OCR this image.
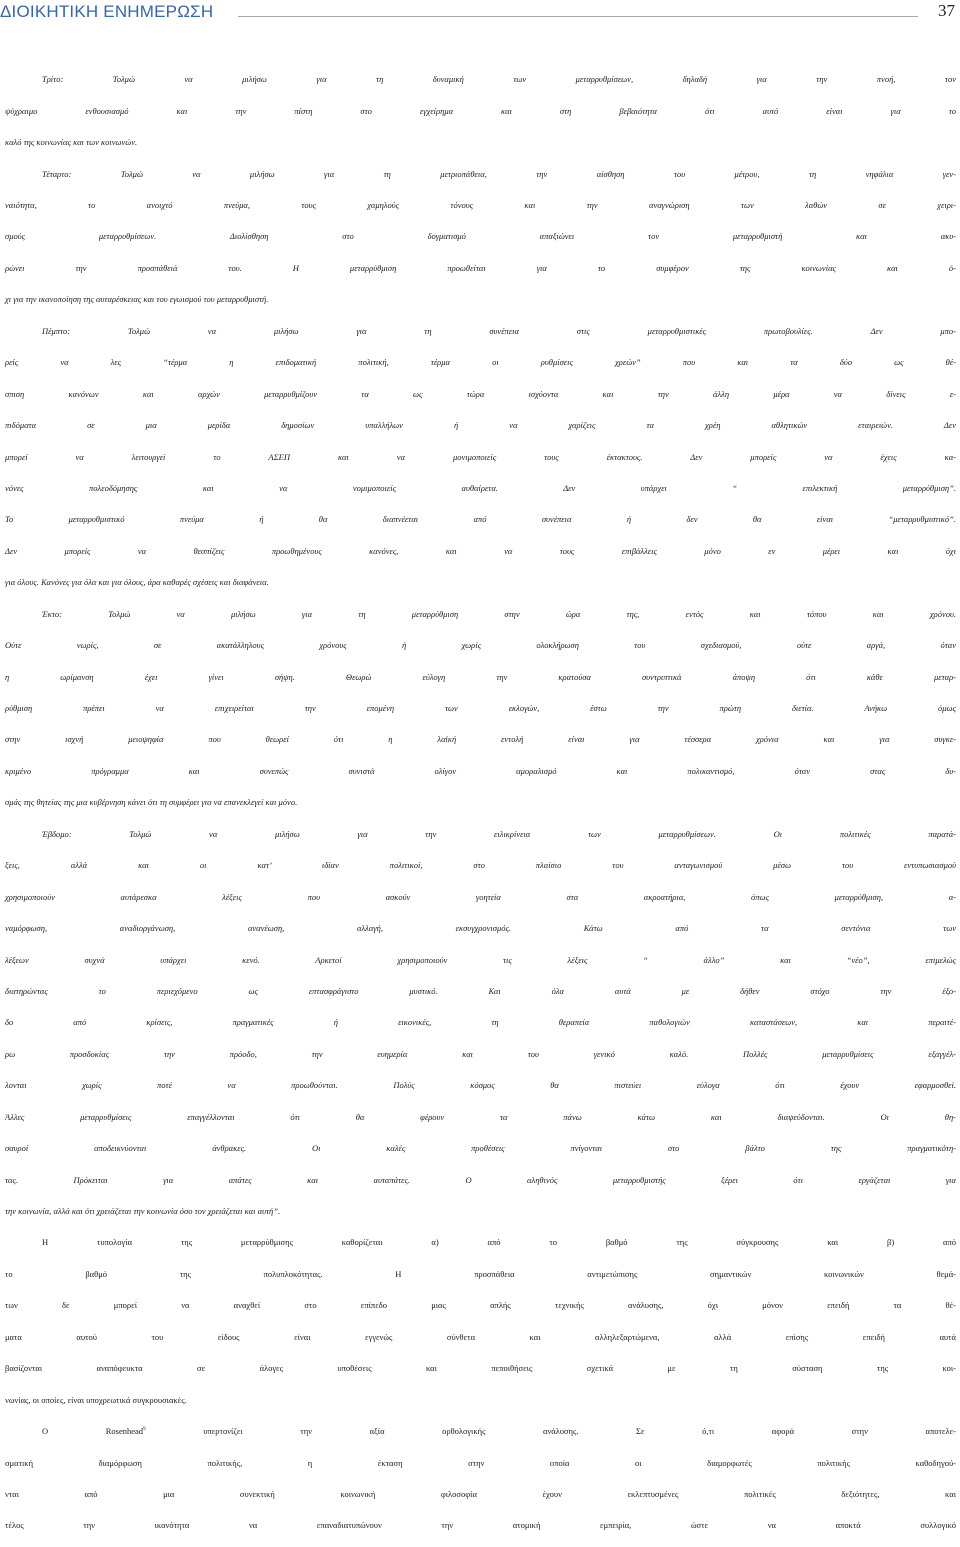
ΔΙΟΙΚΗΤΙΚΗ ΕΝΗΜΕΡΩΣΗ	37
Τρίτο: Τολμώ να μιλήσω για τη δυναμική των μεταρρυθμίσεων, δηλαδή για την πνοή, τον
ψύχραιμο ενθουσιασμό και την πίστη στο εγχείρημα και στη βεβαιότητα ότι αυτό είναι για το
καλό της κοινωνίας και των κοινωνών.
Τέταρτο: Τολμώ να μιλήσω για τη μετριοπάθεια, την αίσθηση του μέτρου, τη νηφάλια γεν-
ναιότητα, το ανοιχτό πνεύμα, τους χαμηλούς τόνους και την αναγνώριση των λαθών σε χειρι-
σμούς μεταρρυθμίσεων. Διολίσθηση στο δογματισμό απαξιώνει τον μεταρρυθμιστή και ακυ-
ρώνει την προσπάθειά του. Η μεταρρύθμιση προωθείται για το συμφέρον της κοινωνίας και ό-
χι για την ικανοποίηση της αυταρέσκειας και του εγωισμού του μεταρρυθμιστή.
Πέμπτο: Τολμώ να μιλήσω για τη συνέπεια στις μεταρρυθμιστικές πρωτοβουλίες. Δεν μπο-
ρείς να λες “τέρμα η επιδοματική πολιτική, τέρμα οι ρυθμίσεις χρεών” που και τα δύο ως θέ-
σπιση κανόνων και αρχών μεταρρυθμίζουν τα ως τώρα ισχύοντα και την άλλη μέρα να δίνεις ε-
πιδόματα σε μια μερίδα δημοσίων υπαλλήλων ή να χαρίζεις τα χρέη αθλητικών εταιρειών. Δεν
μπορεί να λειτουργεί το ΑΣΕΠ και να μονιμοποιείς τους έκτακτους. Δεν μπορείς να έχεις κα-
νόνες πολεοδόμησης και να νομιμοποιείς αυθαίρετα. Δεν υπάρχει “ επιλεκτική μεταρρύθμιση”.
Το μεταρρυθμιστικό πνεύμα ή θα διαπνέεται από συνέπεια ή δεν θα είναι “μεταρρυθμιστικό”.
Δεν μπορείς να θεσπίζεις προωθημένους κανόνες, και να τους επιβάλλεις μόνο εν μέρει και όχι
για όλους. Κανόνες για όλα και για όλους, άρα καθαρές σχέσεις και διαφάνεια.
Έκτο: Τολμώ να μιλήσω για τη μεταρρύθμιση στην ώρα της, εντός και τόπου και χρόνου.
Ούτε νωρίς, σε ακατάλληλους χρόνους ή χωρίς ολοκλήρωση του σχεδιασμού, ούτε αργά, όταν
η ωρίμανση έχει γίνει σήψη. Θεωρώ εύλογη την κρατούσα συντριπτικά άποψη ότι κάθε μεταρ-
ρύθμιση πρέπει να επιχειρείται την επομένη των εκλογών, έστω την πρώτη διετία. Ανήκω όμως
στην ισχνή μειοψηφία που θεωρεί ότι η λαϊκή εντολή είναι για τέσσερα χρόνια και για συγκε-
κριμένο πρόγραμμα και συνεπώς συνιστά ολίγον αμοραλισμό και πολικαντισμό, όταν στας δυ-
σμάς της θητείας της μια κυβέρνηση κάνει ότι τη συμφέρει για να επανεκλεγεί και μόνο.
Έβδομο: Τολμώ να μιλήσω για την ειλικρίνεια των μεταρρυθμίσεων. Οι πολιτικές παρατά-
ξεις, αλλά και οι κατ’ ιδίαν πολιτικοί, στο πλαίσιο του ανταγωνισμού μέσω του εντυπωσιασμού
χρησιμοποιούν αυτάρεσκα λέξεις που ασκούν γοητεία στα ακροατήρια, όπως μεταρρύθμιση, α-
ναμόρφωση, αναδιοργάνωση, ανανέωση, αλλαγή, εκσυγχρονισμός. Κάτω από τα σεντόνια των
λέξεων συχνά υπάρχει κενό. Αρκετοί χρησιμοποιούν τις λέξεις “ άλλο” και “νέο”, επιμελώς
διατηρώντας το περιεχόμενο ως επτασφράγιστο μυστικό. Και όλα αυτά με δήθεν στόχο την έξο-
δο από κρίσεις, πραγματικές ή εικονικές, τη θεραπεία παθολογιών καταστάσεων, και περαιτέ-
ρω προσδοκίας την πρόοδο, την ευημερία και του γενικό καλό. Πολλές μεταρρυθμίσεις εξαγγέλ-
λονται χωρίς ποτέ να προωθούνται. Πολύς κόσμος θα πιστεύει εύλογα ότι έχουν εφαρμοσθεί.
Άλλες μεταρρυθμίσεις επαγγέλλονται ότι θα φέρουν τα πάνω κάτω και διαψεύδονται. Οι θη-
σαυροί αποδεικνύονται άνθρακες. Οι καλές προθέσεις πνίγονται στο βάλτο της πραγματικότη-
τας. Πρόκειται για απάτες και αυταπάτες. Ο αληθινός μεταρρυθμιστής ξέρει ότι εργάζεται για
την κοινωνία, αλλά και ότι χρειάζεται την κοινωνία όσο τον χρειάζεται και αυτή”.
Η τυπολογία της μεταρρύθμισης καθορίζεται α) από το βαθμό της σύγκρουσης και β) από
το βαθμό της πολυπλοκότητας. Η προσπάθεια αντιμετώπισης σημαντικών κοινωνικών θεμά-
των δε μπορεί να αναχθεί στο επίπεδο μιας απλής τεχνικής ανάλυσης, όχι μόνον επειδή τα θέ-
ματα αυτού του είδους είναι εγγενώς σύνθετα και αλληλεξαρτώμενα, αλλά επίσης επειδή αυτά
βασίζονται αναπόφευκτα σε άλογες υποθέσεις και πεποιθήσεις σχετικά με τη σύσταση της κοι-
νωνίας, οι οποίες, είναι υποχρεωτικά συγκρουσιακές.
Ο Rosenhead$^9$ υπερτονίζει την αξία ορθολογικής ανάλυσης. Σε ό,τι αφορά στην αποτελε-
σματική διαμόρφωση πολιτικής, η έκταση στην οποία οι διαμορφωτές πολιτικής καθοδηγού-
νται από μια συνεκτική κοινωνική φιλοσοφία έχουν εκλεπτυσμένες πολιτικές δεξιότητες, και
τέλος την ικανότητα να επαναδιατυπώνουν την ατομική εμπειρία, ώστε να αποκτά συλλογικό
